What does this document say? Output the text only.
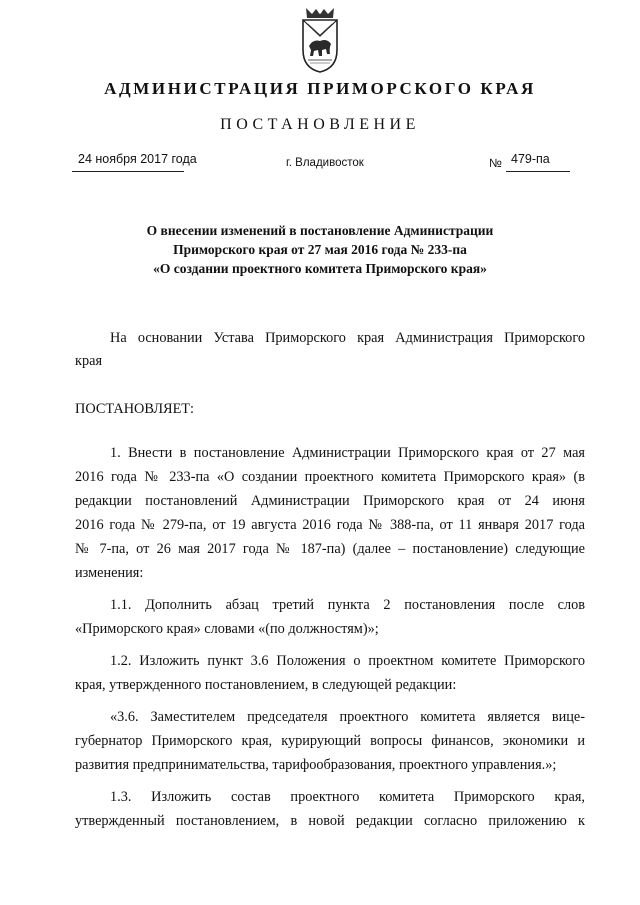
АДМИНИСТРАЦИЯ ПРИМОРСКОГО КРАЯ
ПОСТАНОВЛЕНИЕ
24 ноября 2017 года	г. Владивосток	№ 479-па
О внесении изменений в постановление Администрации
Приморского края от 27 мая 2016 года № 233-па
«О создании проектного комитета Приморского края»
На основании Устава Приморского края Администрация Приморского
края
ПОСТАНОВЛЯЕТ:
1. Внести в постановление Администрации Приморского края от 27 мая
2016 года № 233-па «О создании проектного комитета Приморского края» (в
редакции постановлений Администрации Приморского края от 24 июня
2016 года № 279-па, от 19 августа 2016 года № 388-па, от 11 января 2017 года
№ 7-па, от 26 мая 2017 года № 187-па) (далее – постановление) следующие
изменения:
1.1. Дополнить абзац третий пункта 2 постановления после слов
«Приморского края» словами «(по должностям)»;
1.2. Изложить пункт 3.6 Положения о проектном комитете Приморского
края, утвержденного постановлением, в следующей редакции:
«3.6. Заместителем председателя проектного комитета является вице-
губернатор Приморского края, курирующий вопросы финансов, экономики и
развития предпринимательства, тарифообразования, проектного управления.»;
1.3. Изложить состав проектного комитета Приморского края,
утвержденный постановлением, в новой редакции согласно приложению к
